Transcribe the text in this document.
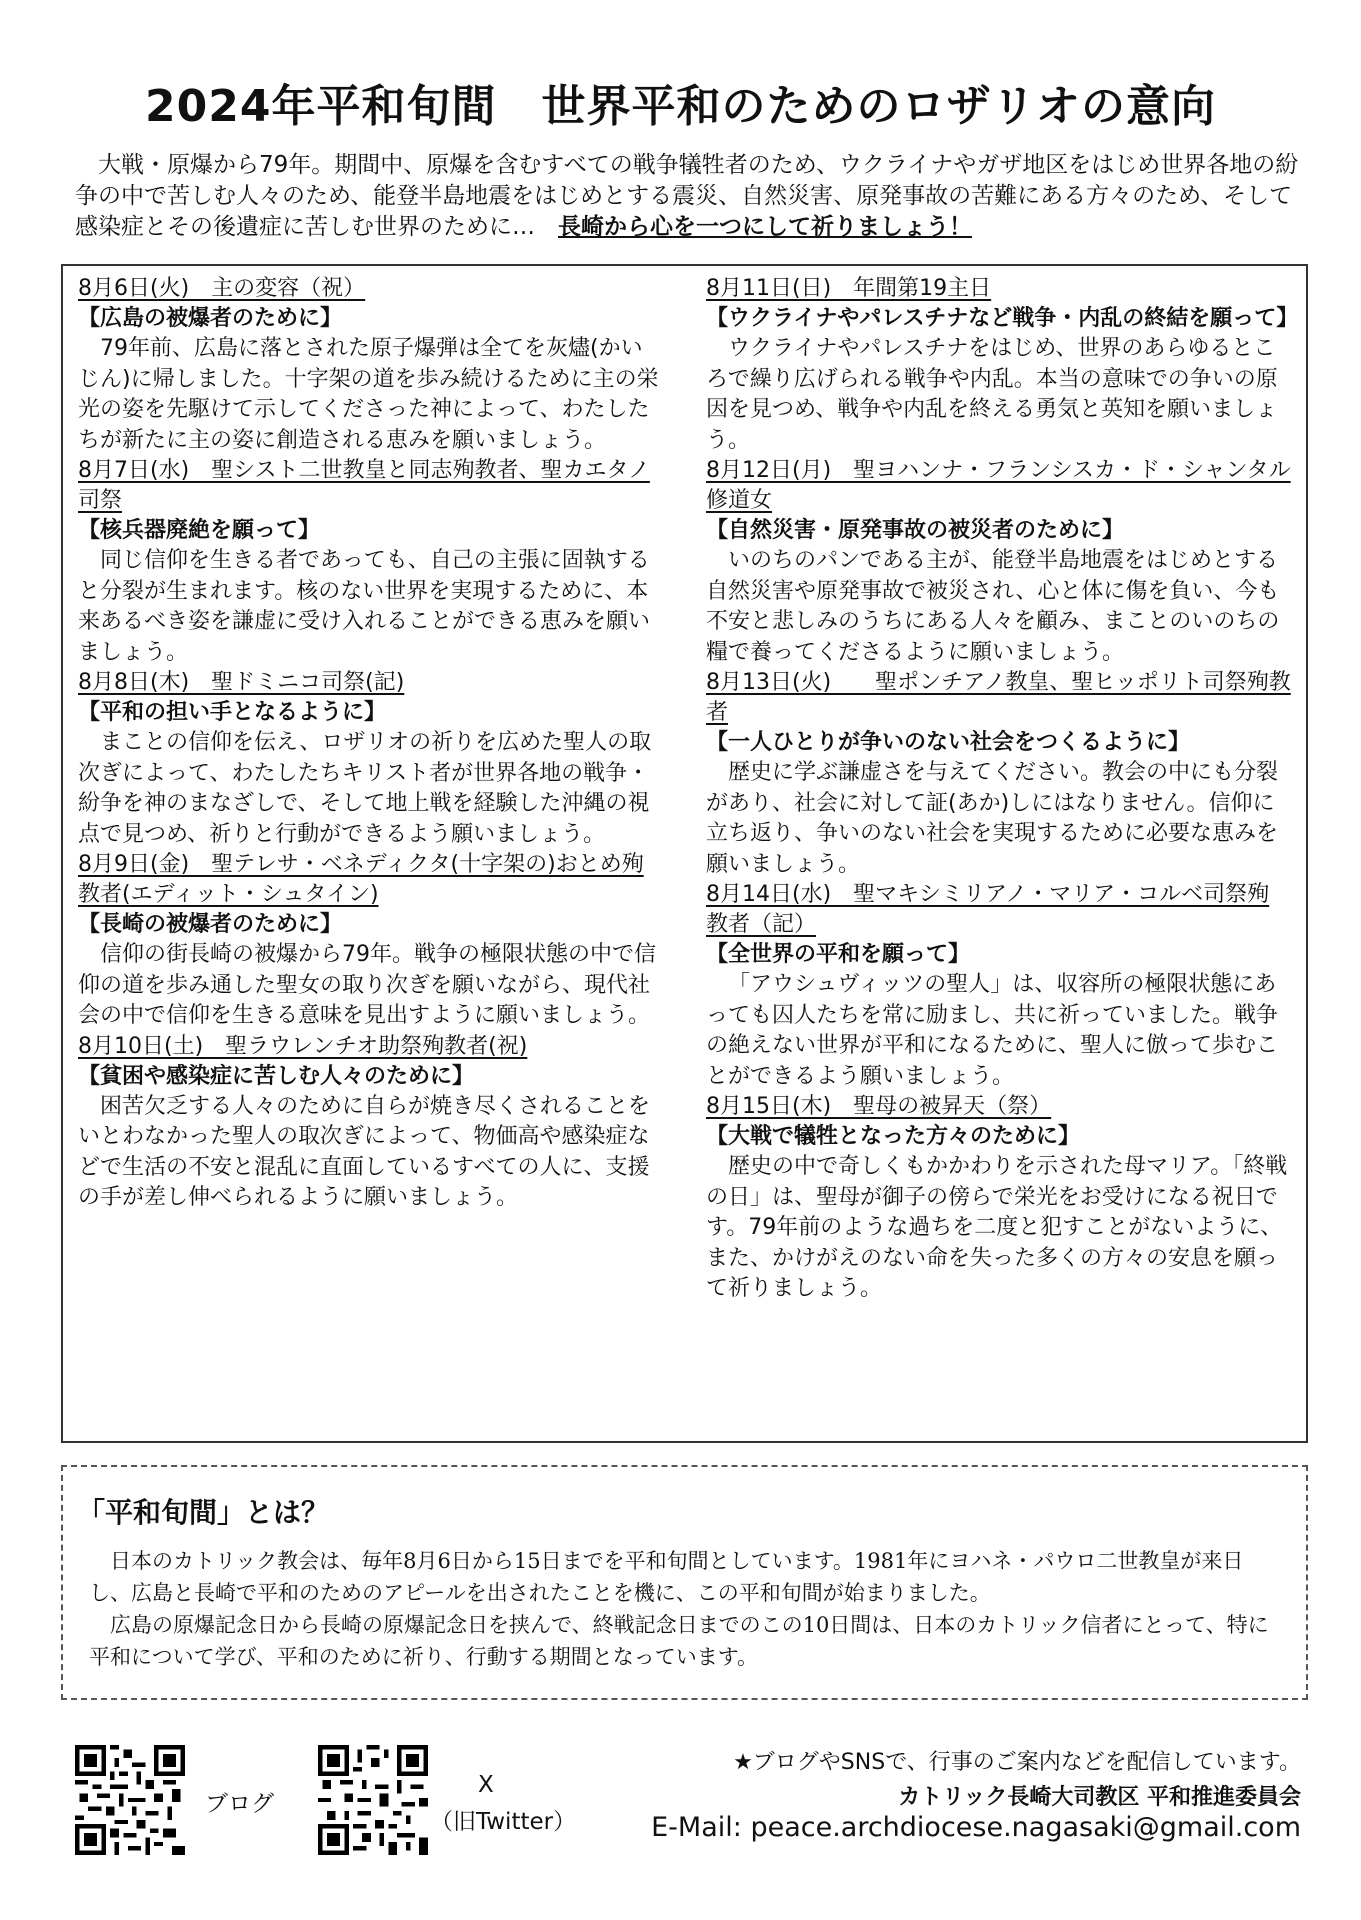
2024年平和旬間　世界平和のためのロザリオの意向
大戦・原爆から79年。期間中、原爆を含むすべての戦争犠牲者のため、ウクライナやガザ地区をはじめ世界各地の紛争の中で苦しむ人々のため、能登半島地震をはじめとする震災、自然災害、原発事故の苦難にある方々のため、そして感染症とその後遺症に苦しむ世界のために…　長崎から心を一つにして祈りましょう！
8月6日(火)　主の変容（祝）
【広島の被爆者のために】
79年前、広島に落とされた原子爆弾は全てを灰燼(かいじん)に帰しました。十字架の道を歩み続けるために主の栄光の姿を先駆けて示してくださった神によって、わたしたちが新たに主の姿に創造される恵みを願いましょう。
8月7日(水)　聖シスト二世教皇と同志殉教者、聖カエタノ司祭
【核兵器廃絶を願って】
同じ信仰を生きる者であっても、自己の主張に固執すると分裂が生まれます。核のない世界を実現するために、本来あるべき姿を謙虚に受け入れることができる恵みを願いましょう。
8月8日(木)　聖ドミニコ司祭(記)
【平和の担い手となるように】
まことの信仰を伝え、ロザリオの祈りを広めた聖人の取次ぎによって、わたしたちキリスト者が世界各地の戦争・紛争を神のまなざしで、そして地上戦を経験した沖縄の視点で見つめ、祈りと行動ができるよう願いましょう。
8月9日(金)　聖テレサ・ベネディクタ(十字架の)おとめ殉教者(エディット・シュタイン)
【長崎の被爆者のために】
信仰の街長崎の被爆から79年。戦争の極限状態の中で信仰の道を歩み通した聖女の取り次ぎを願いながら、現代社会の中で信仰を生きる意味を見出すように願いましょう。
8月10日(土)　聖ラウレンチオ助祭殉教者(祝)
【貧困や感染症に苦しむ人々のために】
困苦欠乏する人々のために自らが焼き尽くされることをいとわなかった聖人の取次ぎによって、物価高や感染症などで生活の不安と混乱に直面しているすべての人に、支援の手が差し伸べられるように願いましょう。
8月11日(日)　年間第19主日
【ウクライナやパレスチナなど戦争・内乱の終結を願って】
ウクライナやパレスチナをはじめ、世界のあらゆるところで繰り広げられる戦争や内乱。本当の意味での争いの原因を見つめ、戦争や内乱を終える勇気と英知を願いましょう。
8月12日(月)　聖ヨハンナ・フランシスカ・ド・シャンタル修道女
【自然災害・原発事故の被災者のために】
いのちのパンである主が、能登半島地震をはじめとする自然災害や原発事故で被災され、心と体に傷を負い、今も不安と悲しみのうちにある人々を顧み、まことのいのちの糧で養ってくださるように願いましょう。
8月13日(火)　　聖ポンチアノ教皇、聖ヒッポリト司祭殉教者
【一人ひとりが争いのない社会をつくるように】
歴史に学ぶ謙虚さを与えてください。教会の中にも分裂があり、社会に対して証(あか)しにはなりません。信仰に立ち返り、争いのない社会を実現するために必要な恵みを願いましょう。
8月14日(水)　聖マキシミリアノ・マリア・コルベ司祭殉教者（記）
【全世界の平和を願って】
「アウシュヴィッツの聖人」は、収容所の極限状態にあっても囚人たちを常に励まし、共に祈っていました。戦争の絶えない世界が平和になるために、聖人に倣って歩むことができるよう願いましょう。
8月15日(木)　聖母の被昇天（祭）
【大戦で犠牲となった方々のために】
歴史の中で奇しくもかかわりを示された母マリア。「終戦の日」は、聖母が御子の傍らで栄光をお受けになる祝日です。79年前のような過ちを二度と犯すことがないように、また、かけがえのない命を失った多くの方々の安息を願って祈りましょう。
「平和旬間」とは？

日本のカトリック教会は、毎年8月6日から15日までを平和旬間としています。1981年にヨハネ・パウロ二世教皇が来日し、広島と長崎で平和のためのアピールを出されたことを機に、この平和旬間が始まりました。

広島の原爆記念日から長崎の原爆記念日を挟んで、終戦記念日までのこの10日間は、日本のカトリック信者にとって、特に平和について学び、平和のために祈り、行動する期間となっています。

ブログ
X
（旧Twitter）
★ブログやSNSで、行事のご案内などを配信しています。
カトリック長崎大司教区 平和推進委員会
E-Mail: peace.archdiocese.nagasaki@gmail.com
